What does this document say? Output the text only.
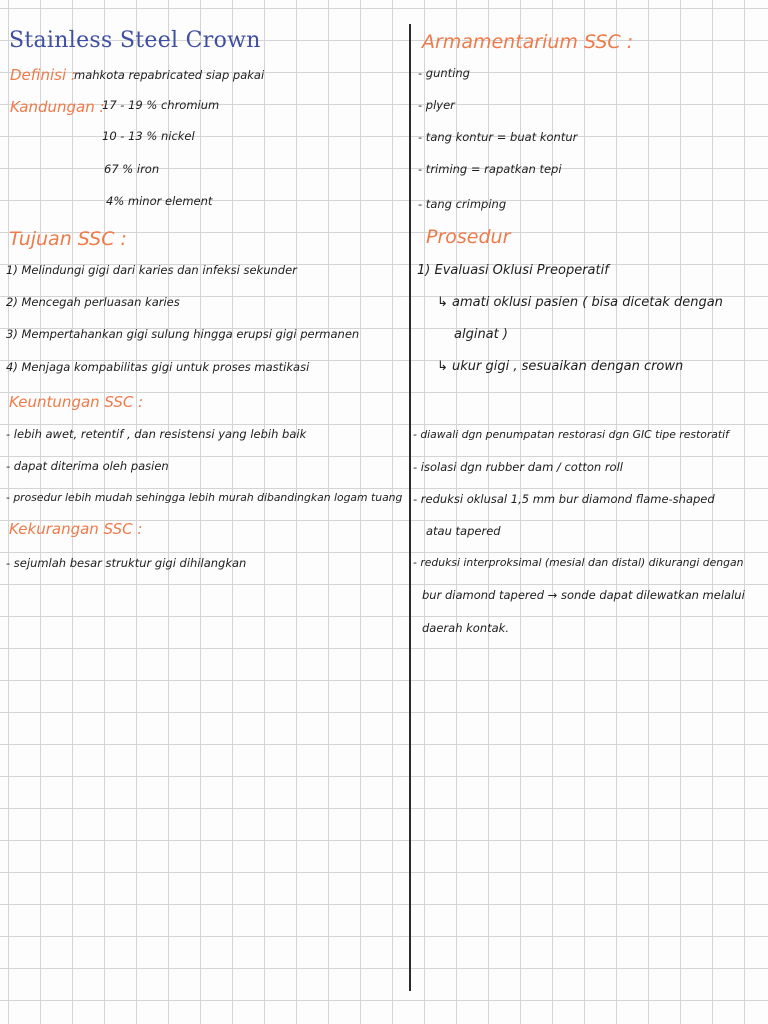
Stainless Steel Crown
Definisi :
mahkota repabricated siap pakai
Kandungan :
17 - 19 % chromium
10 - 13 % nickel
67 % iron
4% minor element
Tujuan SSC :
1) Melindungi gigi dari karies dan infeksi sekunder
2) Mencegah perluasan karies
3) Mempertahankan gigi sulung hingga erupsi gigi permanen
4) Menjaga kompabilitas gigi untuk proses mastikasi
Keuntungan SSC :
- lebih awet, retentif , dan resistensi yang lebih baik
- dapat diterima oleh pasien
- prosedur lebih mudah sehingga lebih murah dibandingkan logam tuang
Kekurangan SSC :
- sejumlah besar struktur gigi dihilangkan
Armamentarium SSC :
- gunting
- plyer
- tang kontur = buat kontur
- triming = rapatkan tepi
- tang crimping
Prosedur
1) Evaluasi Oklusi Preoperatif
↳ amati oklusi pasien ( bisa dicetak dengan
alginat )
↳ ukur gigi , sesuaikan dengan crown
- diawali dgn penumpatan restorasi dgn GIC tipe restoratif
- isolasi dgn rubber dam / cotton roll
- reduksi oklusal 1,5 mm bur diamond flame-shaped
atau tapered
- reduksi interproksimal (mesial dan distal) dikurangi dengan
bur diamond tapered → sonde dapat dilewatkan melalui
daerah kontak.
